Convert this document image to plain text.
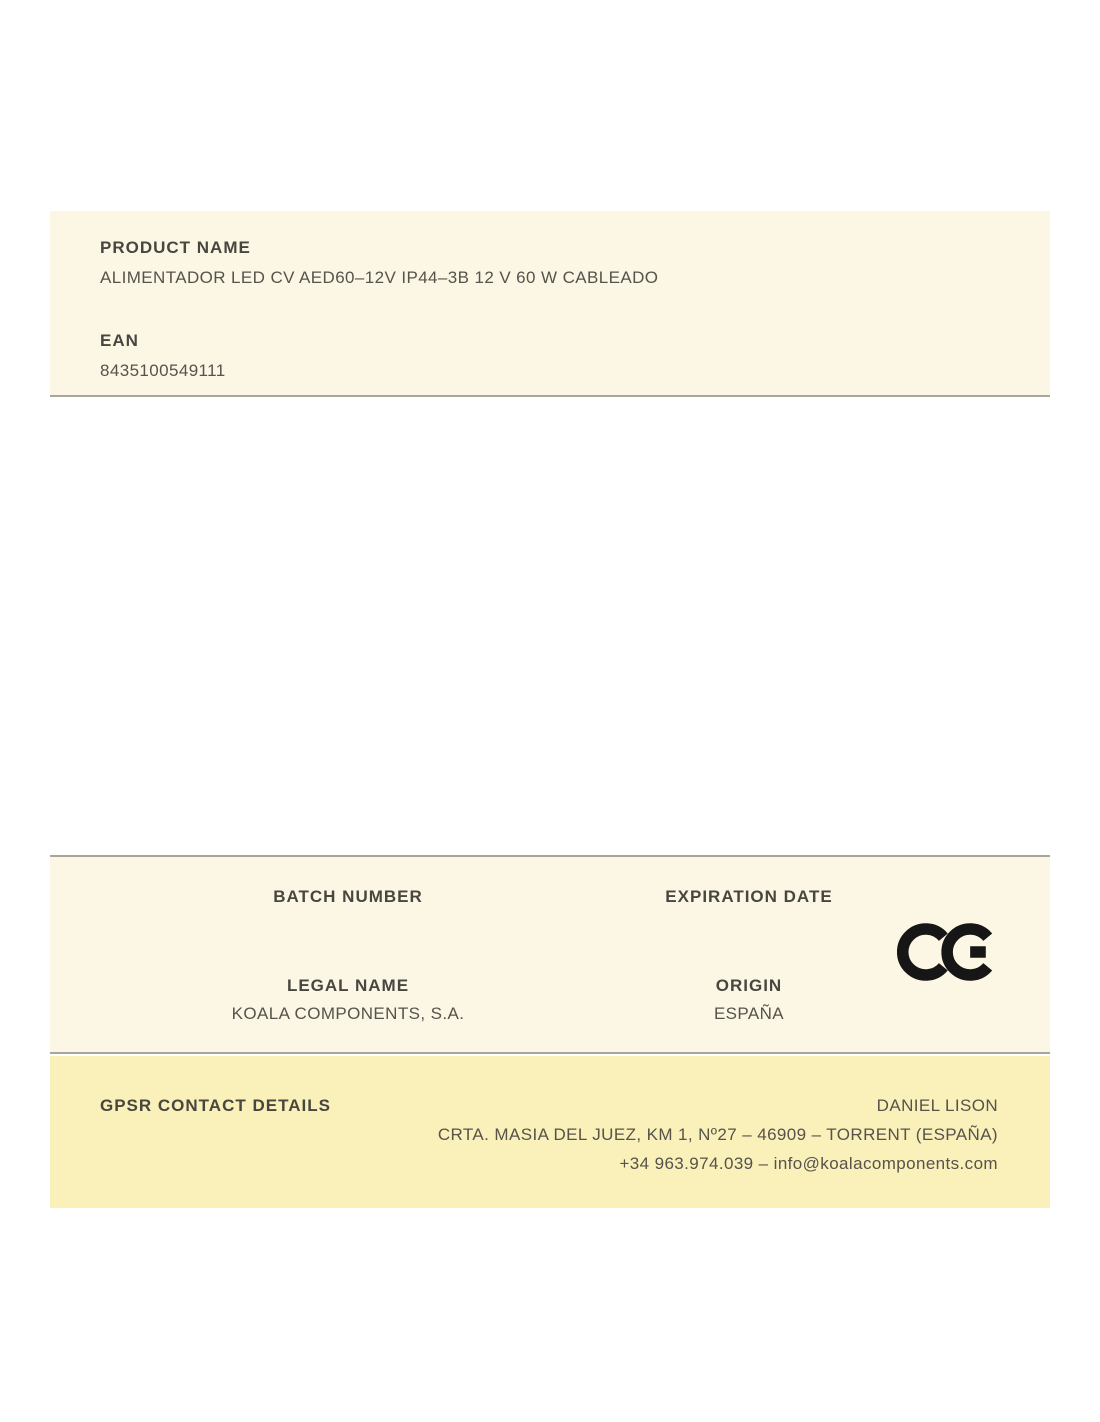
PRODUCT NAME
ALIMENTADOR LED CV AED60–12V IP44–3B 12 V 60 W CABLEADO
EAN
8435100549111
BATCH NUMBER	EXPIRATION DATE
LEGAL NAME
KOALA COMPONENTS, S.A.
ORIGIN
ESPAÑA
GPSR CONTACT DETAILS	DANIEL LISON
CRTA. MASIA DEL JUEZ, KM 1, Nº27 – 46909 – TORRENT (ESPAÑA)
+34 963.974.039 – info@koalacomponents.com
